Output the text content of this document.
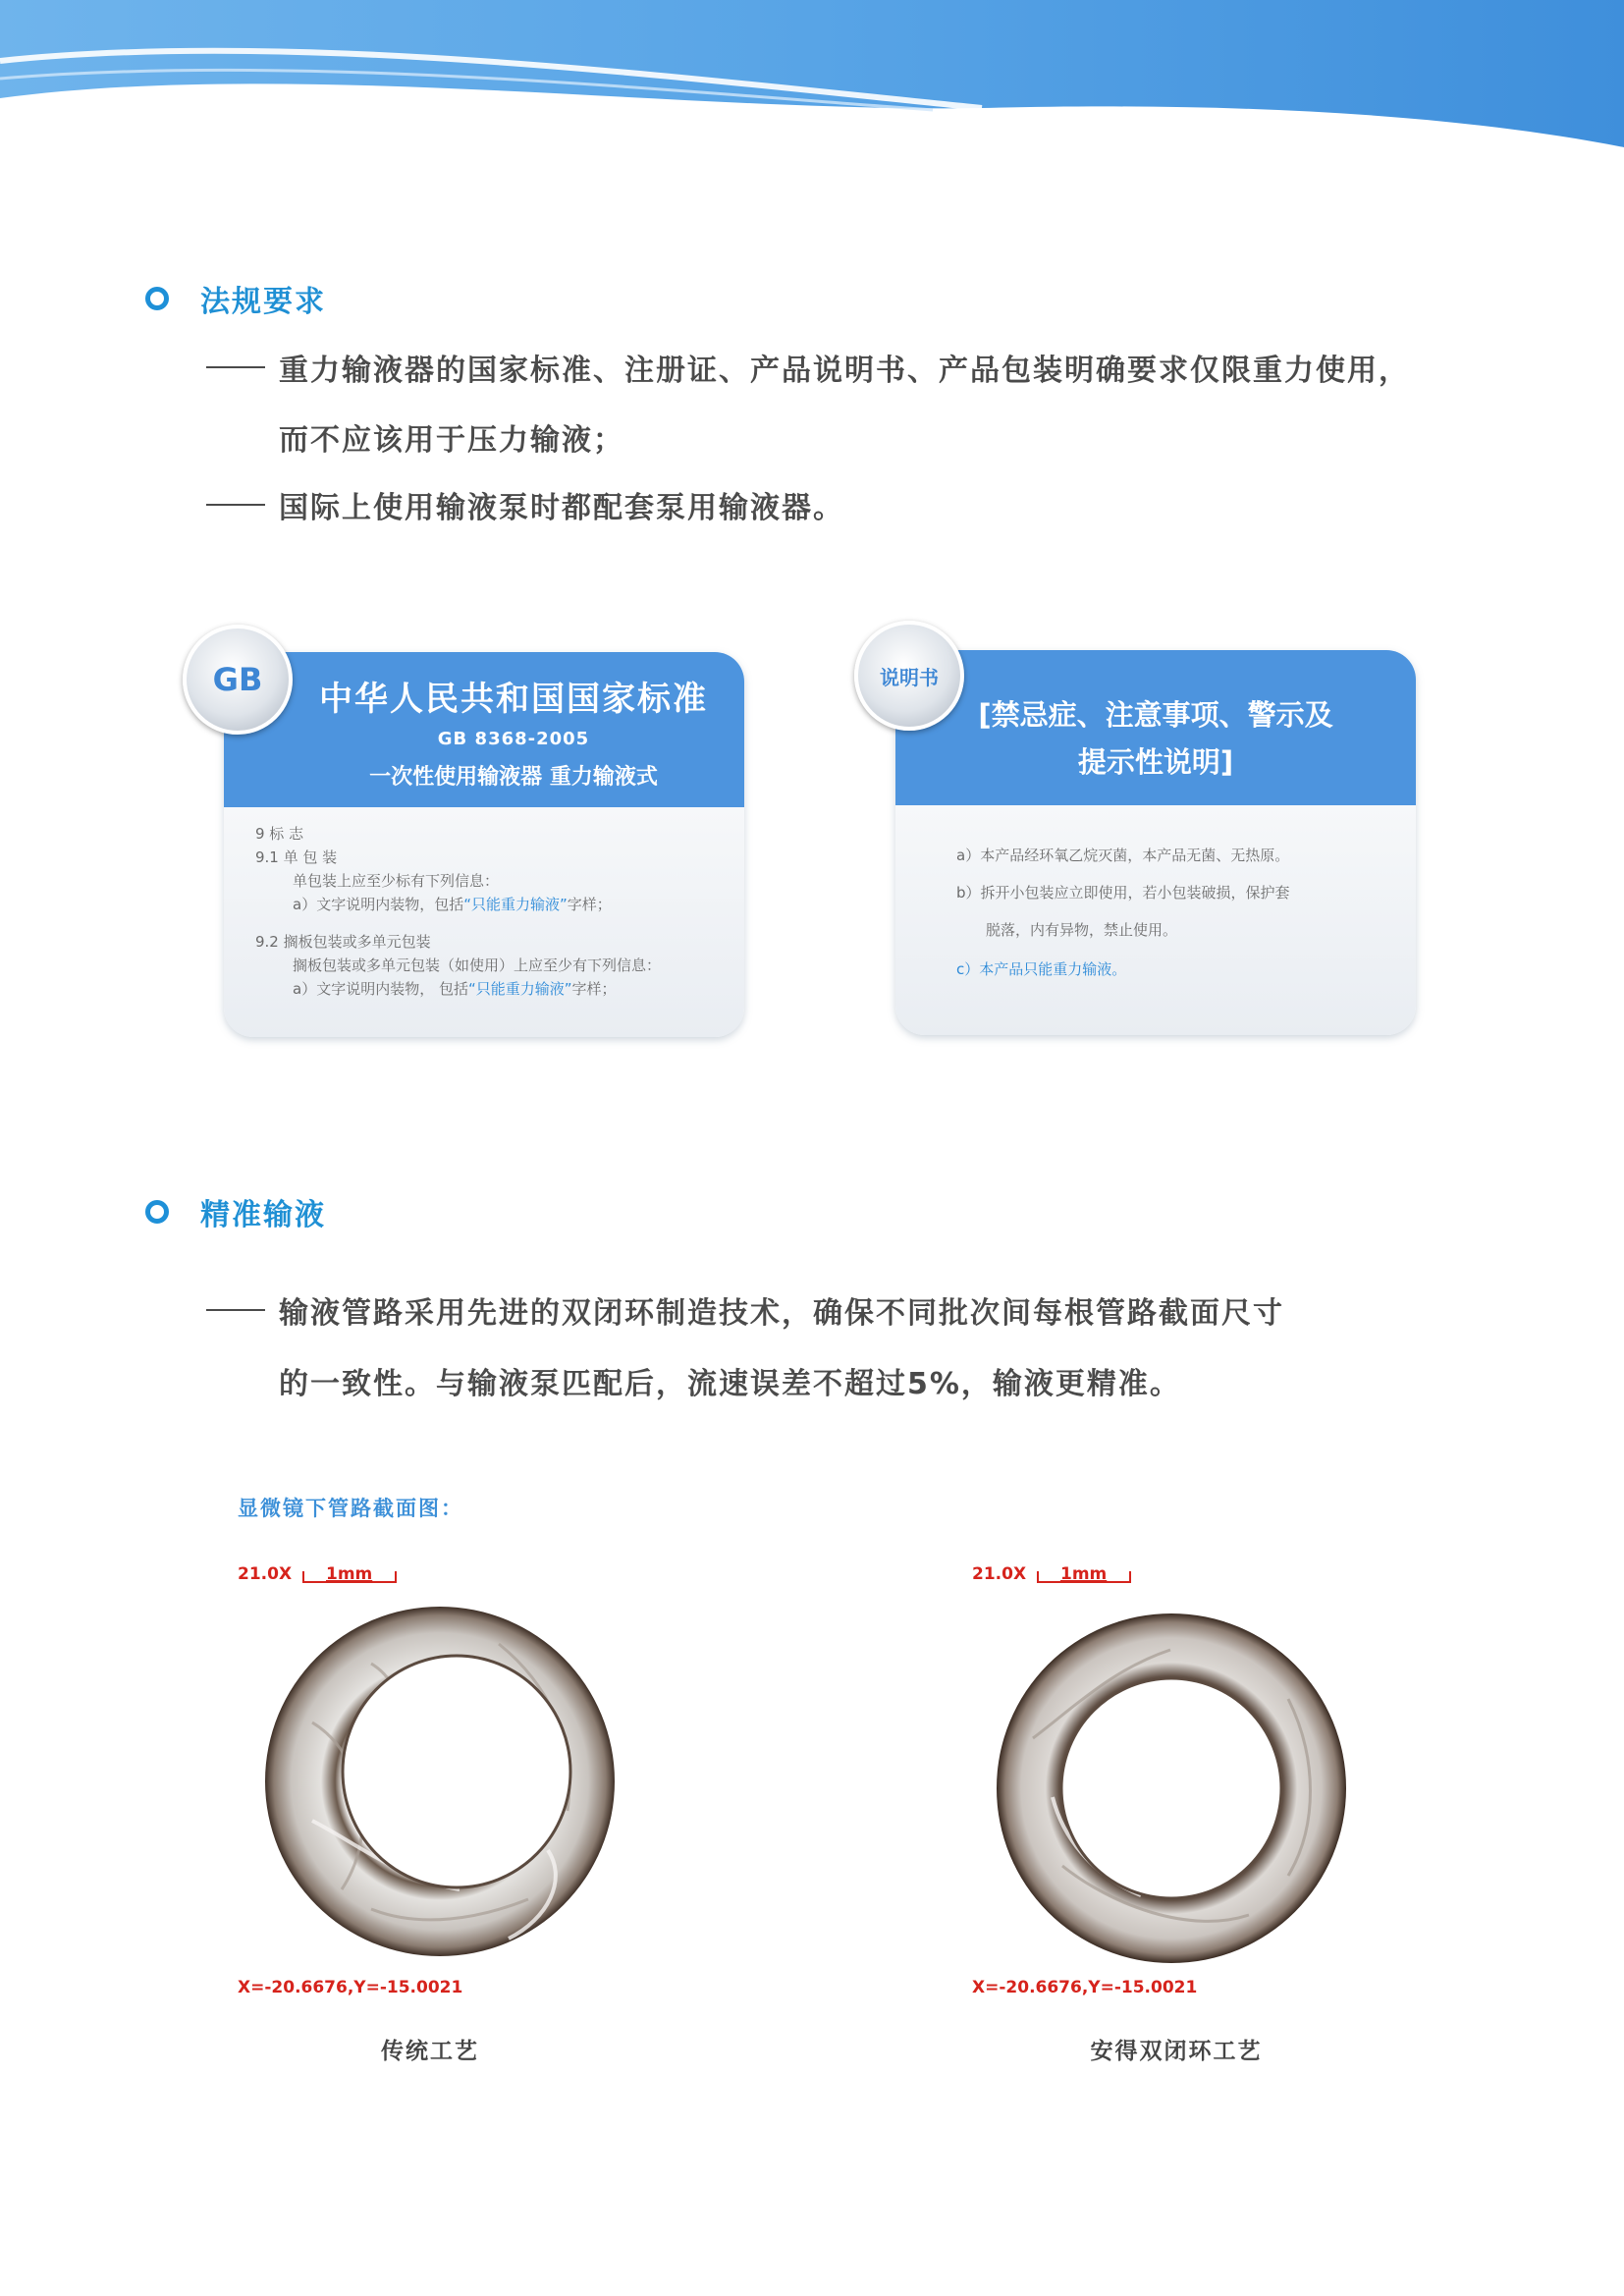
法规要求
重力输液器的国家标准、注册证、产品说明书、产品包装明确要求仅限重力使用，
而不应该用于压力输液；
国际上使用输液泵时都配套泵用输液器。
中华人民共和国国家标准
GB 8368-2005
一次性使用输液器 重力输液式
9 标 志
9.1 单 包 装
单包装上应至少标有下列信息：
a）文字说明内装物，包括“只能重力输液”字样；
9.2 搁板包装或多单元包装
搁板包装或多单元包装（如使用）上应至少有下列信息：
a）文字说明内装物， 包括“只能重力输液”字样；
GB
[禁忌症、注意事项、警示及
提示性说明]
a）本产品经环氧乙烷灭菌，本产品无菌、无热原。
b）拆开小包装应立即使用，若小包装破损，保护套
脱落，内有异物，禁止使用。
c）本产品只能重力输液。
说明书
精准输液
输液管路采用先进的双闭环制造技术，确保不同批次间每根管路截面尺寸
的一致性。与输液泵匹配后，流速误差不超过5%，输液更精准。
显微镜下管路截面图：
21.0X 1mm
X=-20.6676,Y=-15.0021
传统工艺
21.0X 1mm
X=-20.6676,Y=-15.0021
安得双闭环工艺
